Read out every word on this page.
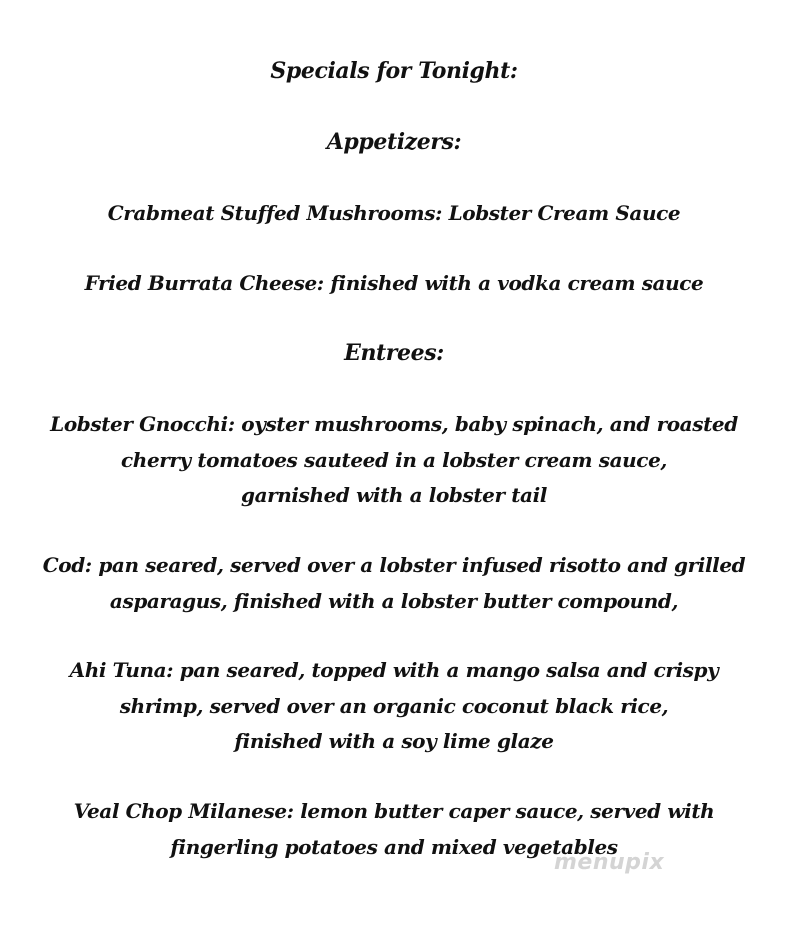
Specials for Tonight:
Appetizers:
Crabmeat Stuffed Mushrooms: Lobster Cream Sauce
Fried Burrata Cheese: finished with a vodka cream sauce
Entrees:
Lobster Gnocchi: oyster mushrooms, baby spinach, and roasted
cherry tomatoes sauteed in a lobster cream sauce,
garnished with a lobster tail
Cod: pan seared, served over a lobster infused risotto and grilled
asparagus, finished with a lobster butter compound,
Ahi Tuna: pan seared, topped with a mango salsa and crispy
shrimp, served over an organic coconut black rice,
finished with a soy lime glaze
Veal Chop Milanese: lemon butter caper sauce, served with
fingerling potatoes and mixed vegetables
menupix
